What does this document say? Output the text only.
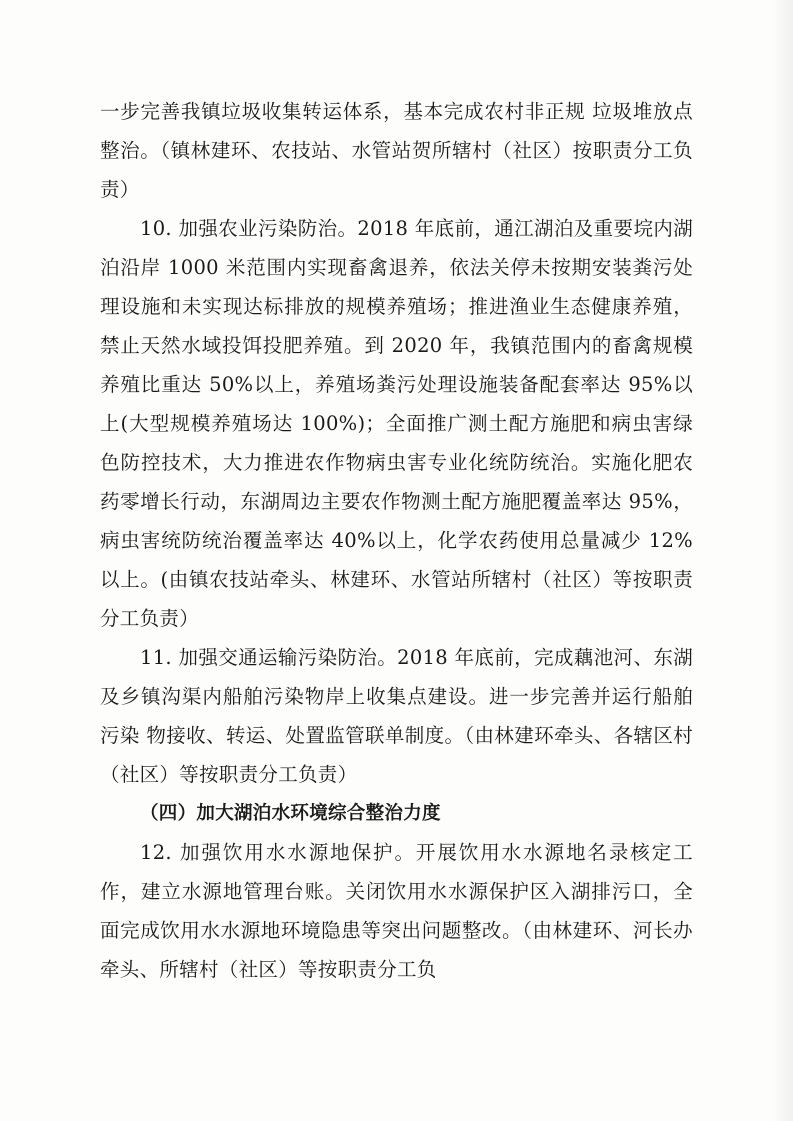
一步完善我镇垃圾收集转运体系，基本完成农村非正规 垃圾堆放点整治。（镇林建环、农技站、水管站贺所辖村（社区）按职责分工负责）

10. 加强农业污染防治。2018 年底前，通江湖泊及重要垸内湖泊沿岸 1000 米范围内实现畜禽退养，依法关停未按期安装粪污处理设施和未实现达标排放的规模养殖场；推进渔业生态健康养殖，禁止天然水域投饵投肥养殖。到 2020 年，我镇范围内的畜禽规模养殖比重达 50%以上，养殖场粪污处理设施装备配套率达 95%以上(大型规模养殖场达 100%)；全面推广测土配方施肥和病虫害绿色防控技术，大力推进农作物病虫害专业化统防统治。实施化肥农药零增长行动，东湖周边主要农作物测土配方施肥覆盖率达 95%，病虫害统防统治覆盖率达 40%以上，化学农药使用总量减少 12%以上。(由镇农技站牵头、林建环、水管站所辖村（社区）等按职责分工负责）

11. 加强交通运输污染防治。2018 年底前，完成藕池河、东湖及乡镇沟渠内船舶污染物岸上收集点建设。进一步完善并运行船舶污染 物接收、转运、处置监管联单制度。（由林建环牵头、各辖区村（社区）等按职责分工负责）

（四）加大湖泊水环境综合整治力度

12. 加强饮用水水源地保护。开展饮用水水源地名录核定工作，建立水源地管理台账。关闭饮用水水源保护区入湖排污口，全面完成饮用水水源地环境隐患等突出问题整改。（由林建环、河长办牵头、所辖村（社区）等按职责分工负
